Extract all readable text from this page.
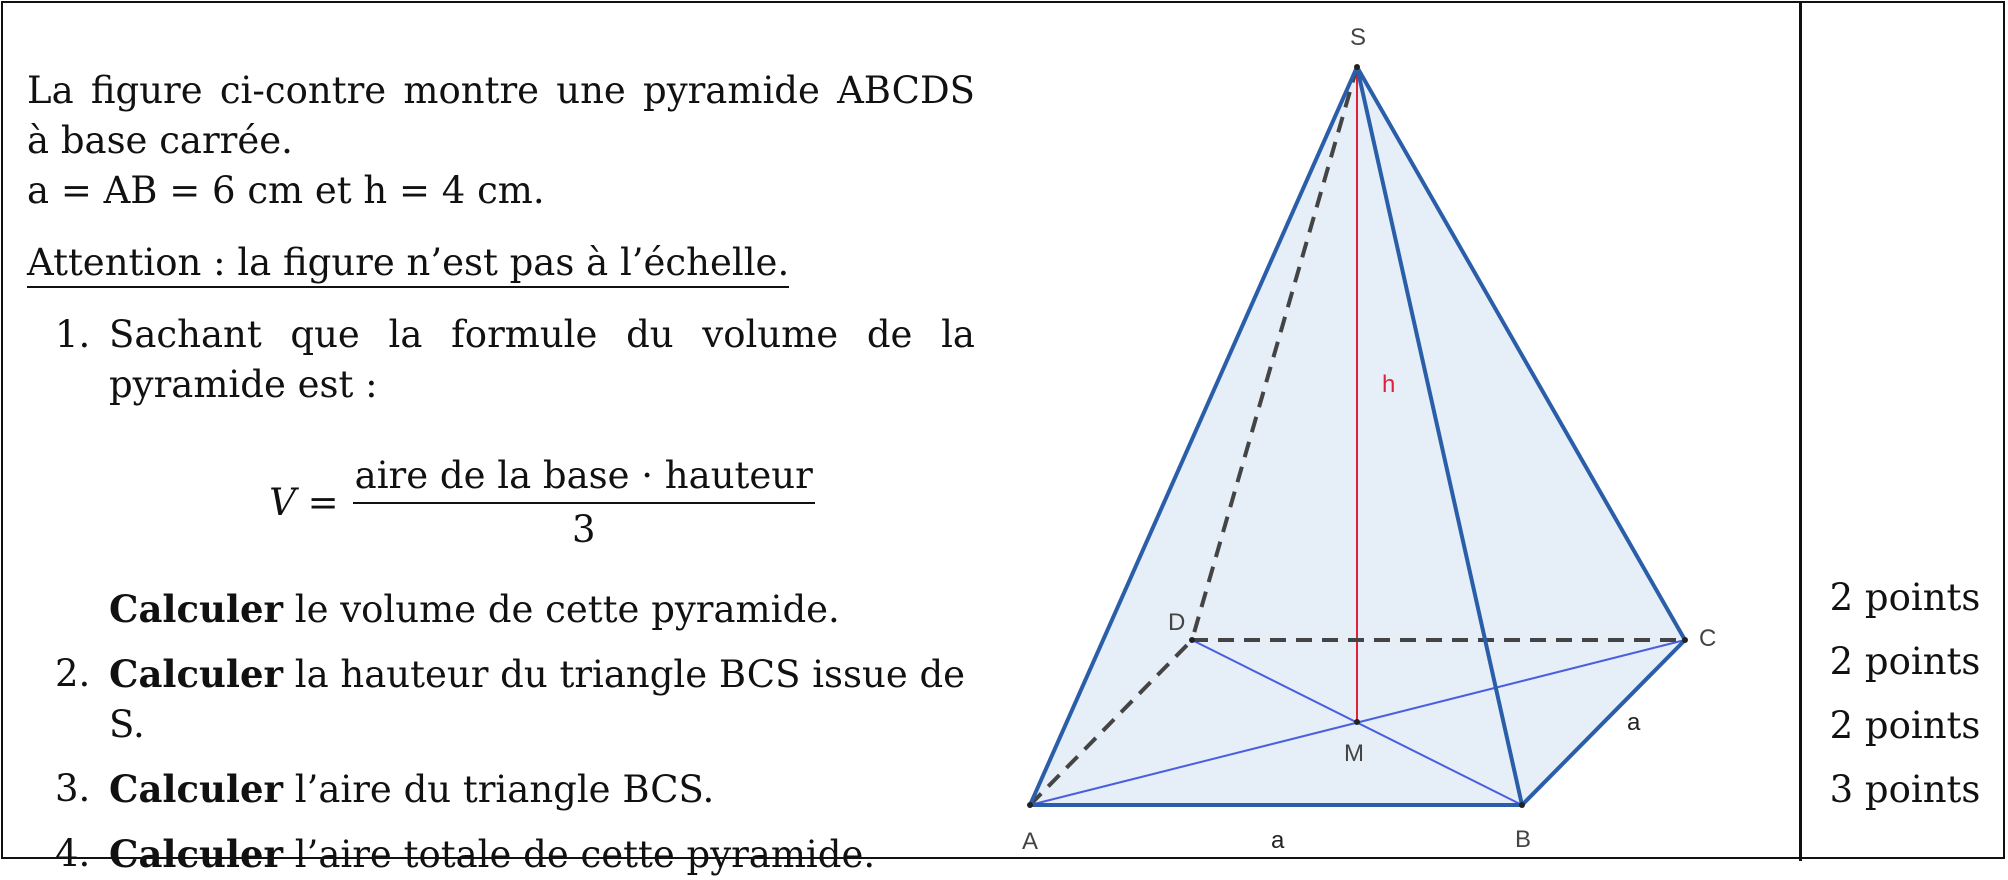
La figure ci-contre montre une pyramide ABCDS à base carrée.

a = AB = 6 cm et h = 4 cm.

Attention : la figure n’est pas à l’échelle.
1. Sachant que la formule du volume de la pyramide est :
$V = \frac{\text{aire de la base · hauteur}}{3}$
Calculer le volume de cette pyramide.
2. Calculer la hauteur du triangle BCS issue de S.
3. Calculer l’aire du triangle BCS.
4. Calculer l’aire totale de cette pyramide.
2 points
2 points
2 points
3 points
S
A	B
C
D
M
h
a
a
